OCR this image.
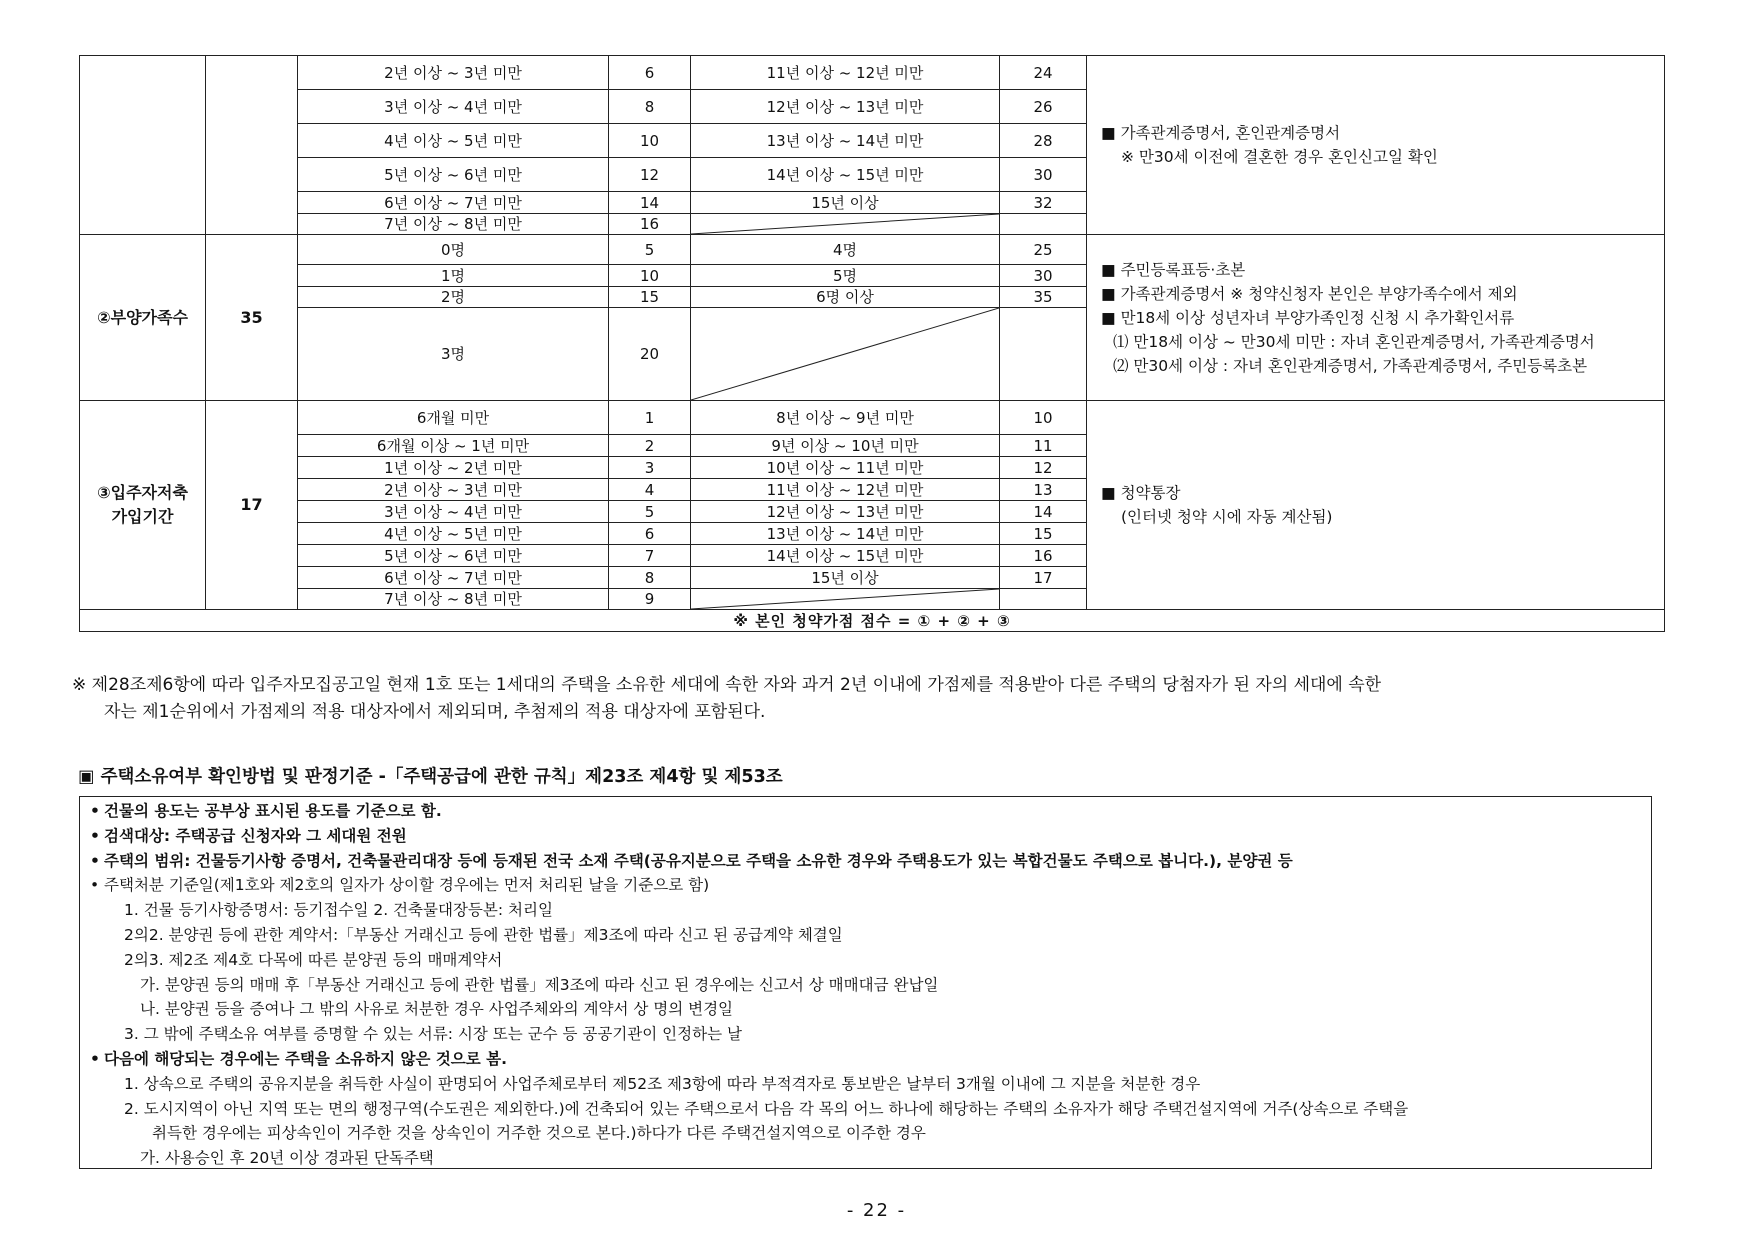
		2년 이상 ~ 3년 미만	6	11년 이상 ~ 12년 미만	24	■ 가족관계증명서, 혼인관계증명서
※ 만30세 이전에 결혼한 경우 혼인신고일 확인

		3년 이상 ~ 4년 미만	8	12년 이상 ~ 13년 미만	26	
		4년 이상 ~ 5년 미만	10	13년 이상 ~ 14년 미만	28	
		5년 이상 ~ 6년 미만	12	14년 이상 ~ 15년 미만	30	
		6년 이상 ~ 7년 미만	14	15년 이상	32	
		7년 이상 ~ 8년 미만	16	

②부양가족수	35	0명	5	4명	25	■ 주민등록표등·초본
■ 가족관계증명서 ※ 청약신청자 본인은 부양가족수에서 제외
■ 만18세 이상 성년자녀 부양가족인정 신청 시 추가확인서류
⑴ 만18세 이상 ~ 만30세 미만 : 자녀 혼인관계증명서, 가족관계증명서
⑵ 만30세 이상 : 자녀 혼인관계증명서, 가족관계증명서, 주민등록초본

		1명	10	5명	30	
		2명	15	6명 이상	35	
		3명	20	

③입주자저축
가입기간	17	6개월 미만	1	8년 이상 ~ 9년 미만	10	■ 청약통장
(인터넷 청약 시에 자동 계산됨)

		6개월 이상 ~ 1년 미만	2	9년 이상 ~ 10년 미만	11	
		1년 이상 ~ 2년 미만	3	10년 이상 ~ 11년 미만	12	
		2년 이상 ~ 3년 미만	4	11년 이상 ~ 12년 미만	13	
		3년 이상 ~ 4년 미만	5	12년 이상 ~ 13년 미만	14	
		4년 이상 ~ 5년 미만	6	13년 이상 ~ 14년 미만	15	
		5년 이상 ~ 6년 미만	7	14년 이상 ~ 15년 미만	16	
		6년 이상 ~ 7년 미만	8	15년 이상	17	
		7년 이상 ~ 8년 미만	9	

※ 본인 청약가점 점수 = ① + ② + ③						
※ 제28조제6항에 따라 입주자모집공고일 현재 1호 또는 1세대의 주택을 소유한 세대에 속한 자와 과거 2년 이내에 가점제를 적용받아 다른 주택의 당첨자가 된 자의 세대에 속한
자는 제1순위에서 가점제의 적용 대상자에서 제외되며, 추첨제의 적용 대상자에 포함된다.
▣ 주택소유여부 확인방법 및 판정기준 -「주택공급에 관한 규칙」제23조 제4항 및 제53조
• 건물의 용도는 공부상 표시된 용도를 기준으로 함.
• 검색대상: 주택공급 신청자와 그 세대원 전원
• 주택의 범위: 건물등기사항 증명서, 건축물관리대장 등에 등재된 전국 소재 주택(공유지분으로 주택을 소유한 경우와 주택용도가 있는 복합건물도 주택으로 봅니다.), 분양권 등
• 주택처분 기준일(제1호와 제2호의 일자가 상이할 경우에는 먼저 처리된 날을 기준으로 함)
1. 건물 등기사항증명서: 등기접수일 2. 건축물대장등본: 처리일
2의2. 분양권 등에 관한 계약서:「부동산 거래신고 등에 관한 법률」제3조에 따라 신고 된 공급계약 체결일
2의3. 제2조 제4호 다목에 따른 분양권 등의 매매계약서
가. 분양권 등의 매매 후「부동산 거래신고 등에 관한 법률」제3조에 따라 신고 된 경우에는 신고서 상 매매대금 완납일
나. 분양권 등을 증여나 그 밖의 사유로 처분한 경우 사업주체와의 계약서 상 명의 변경일
3. 그 밖에 주택소유 여부를 증명할 수 있는 서류: 시장 또는 군수 등 공공기관이 인정하는 날
• 다음에 해당되는 경우에는 주택을 소유하지 않은 것으로 봄.
1. 상속으로 주택의 공유지분을 취득한 사실이 판명되어 사업주체로부터 제52조 제3항에 따라 부적격자로 통보받은 날부터 3개월 이내에 그 지분을 처분한 경우
2. 도시지역이 아닌 지역 또는 면의 행정구역(수도권은 제외한다.)에 건축되어 있는 주택으로서 다음 각 목의 어느 하나에 해당하는 주택의 소유자가 해당 주택건설지역에 거주(상속으로 주택을
취득한 경우에는 피상속인이 거주한 것을 상속인이 거주한 것으로 본다.)하다가 다른 주택건설지역으로 이주한 경우
가. 사용승인 후 20년 이상 경과된 단독주택
- 22 -
